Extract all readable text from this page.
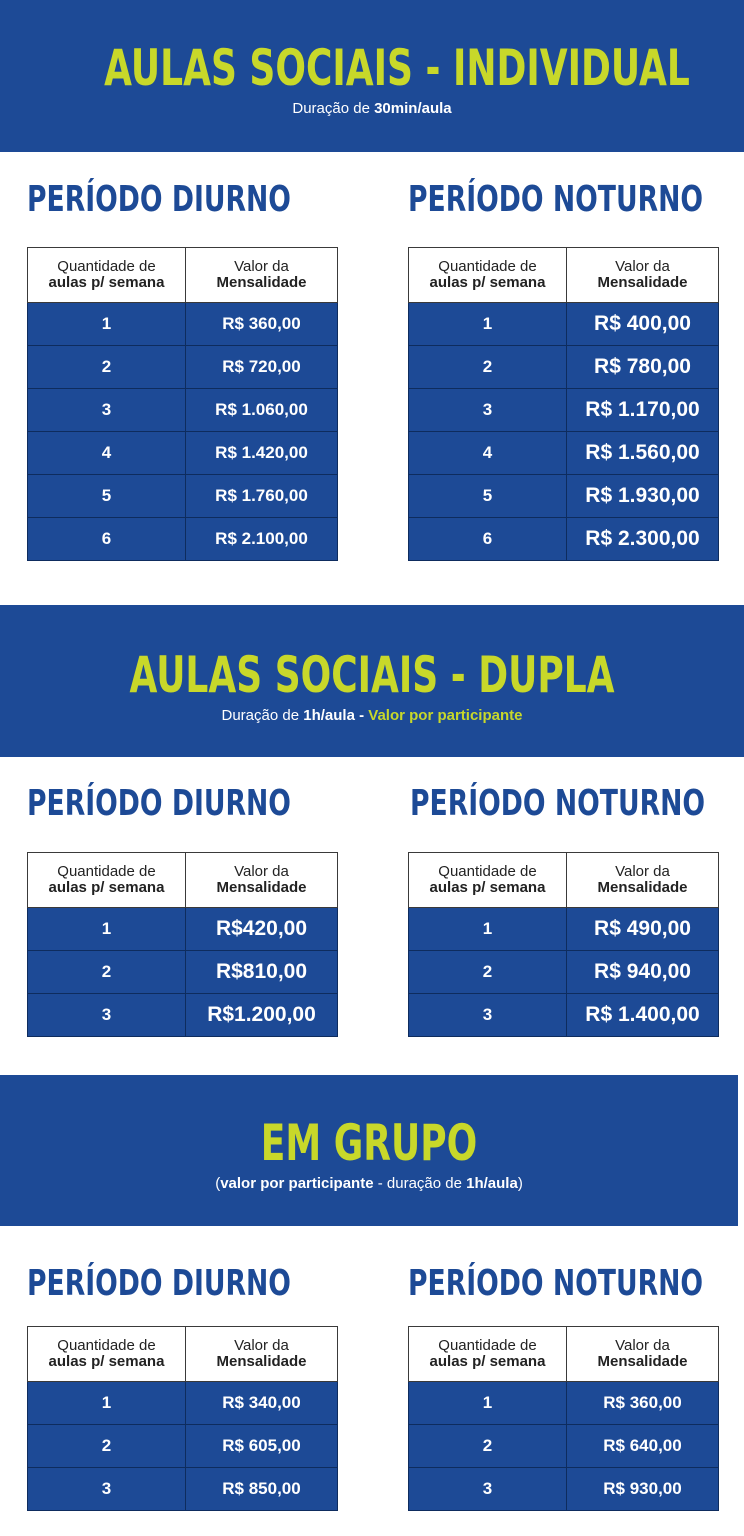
AULAS SOCIAIS - INDIVIDUAL
Duração de 30min/aula
PERÍODO DIURNO	PERÍODO NOTURNO
Quantidade de
aulas p/ semana	Valor da
Mensalidade

1	R$ 360,00
2	R$ 720,00
3	R$ 1.060,00
4	R$ 1.420,00
5	R$ 1.760,00
6	R$ 2.100,00
Quantidade de
aulas p/ semana	Valor da
Mensalidade

1	R$ 400,00
2	R$ 780,00
3	R$ 1.170,00
4	R$ 1.560,00
5	R$ 1.930,00
6	R$ 2.300,00
AULAS SOCIAIS - DUPLA
Duração de 1h/aula - Valor por participante
PERÍODO DIURNO	PERÍODO NOTURNO
Quantidade de
aulas p/ semana	Valor da
Mensalidade

1	R$420,00
2	R$810,00
3	R$1.200,00
Quantidade de
aulas p/ semana	Valor da
Mensalidade

1	R$ 490,00
2	R$ 940,00
3	R$ 1.400,00
EM GRUPO
(valor por participante - duração de 1h/aula)
PERÍODO DIURNO	PERÍODO NOTURNO
Quantidade de
aulas p/ semana	Valor da
Mensalidade

1	R$ 340,00
2	R$ 605,00
3	R$ 850,00
Quantidade de
aulas p/ semana	Valor da
Mensalidade

1	R$ 360,00
2	R$ 640,00
3	R$ 930,00
